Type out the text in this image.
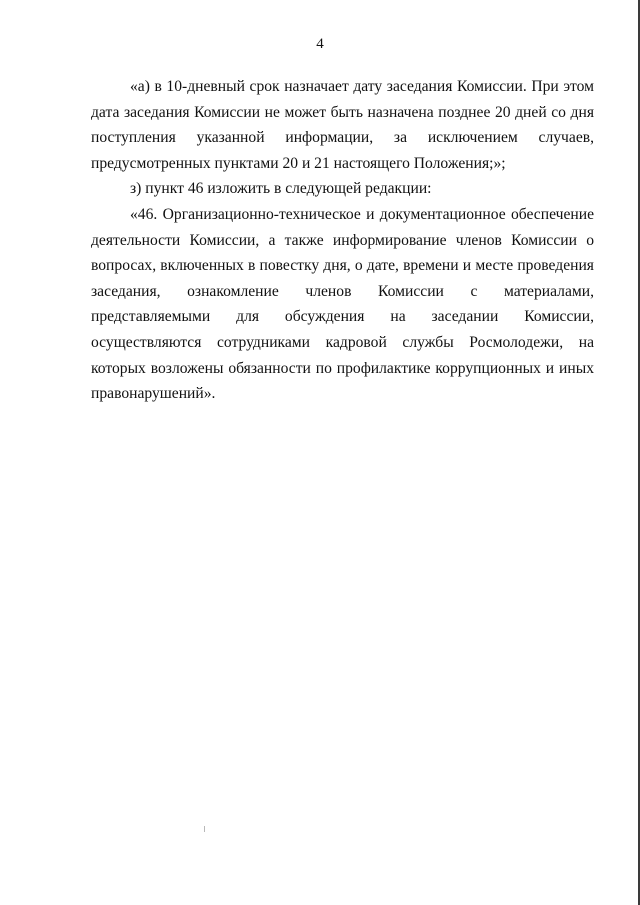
4

«а) в 10-дневный срок назначает дату заседания Комиссии. При этом дата заседания Комиссии не может быть назначена позднее 20 дней со дня поступления указанной информации, за исключением случаев, предусмотренных пунктами 20 и 21 настоящего Положения;»;

з) пункт 46 изложить в следующей редакции:

«46. Организационно-техническое и документационное обеспечение деятельности Комиссии, а также информирование членов Комиссии о вопросах, включенных в повестку дня, о дате, времени и месте проведения заседания, ознакомление членов Комиссии с материалами, представляемыми для обсуждения на заседании Комиссии, осуществляются сотрудниками кадровой службы Росмолодежи, на которых возложены обязанности по профилактике коррупционных и иных правонарушений».
